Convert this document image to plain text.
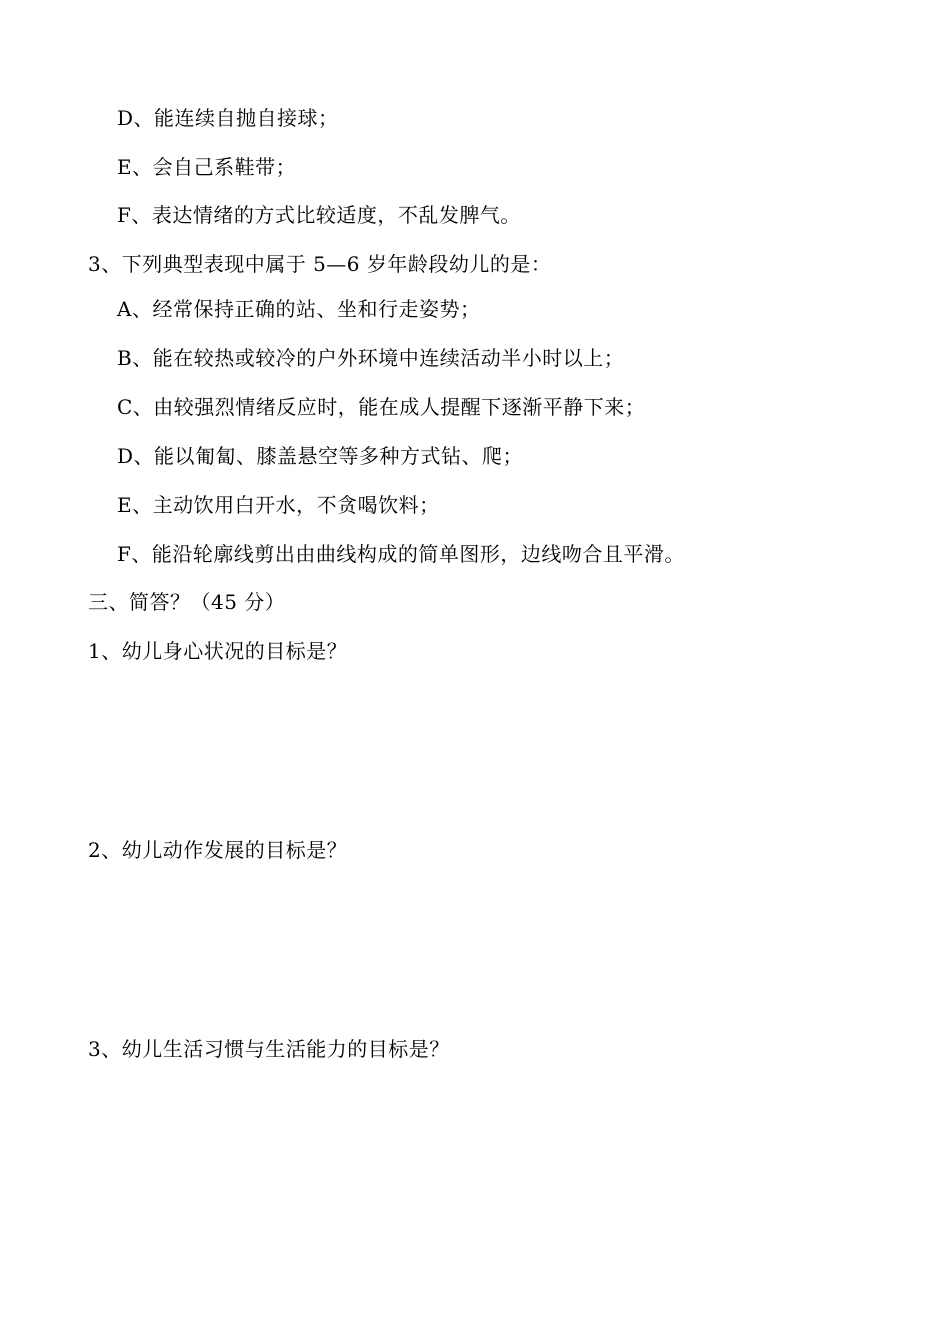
D、能连续自抛自接球；
E、会自己系鞋带；
F、表达情绪的方式比较适度，不乱发脾气。
3、下列典型表现中属于 5—6 岁年龄段幼儿的是：
A、经常保持正确的站、坐和行走姿势；
B、能在较热或较冷的户外环境中连续活动半小时以上；
C、由较强烈情绪反应时，能在成人提醒下逐渐平静下来；
D、能以匍匐、膝盖悬空等多种方式钻、爬；
E、主动饮用白开水，不贪喝饮料；
F、能沿轮廓线剪出由曲线构成的简单图形，边线吻合且平滑。
三、简答？（45 分）
1、幼儿身心状况的目标是？
2、幼儿动作发展的目标是？
3、幼儿生活习惯与生活能力的目标是？
